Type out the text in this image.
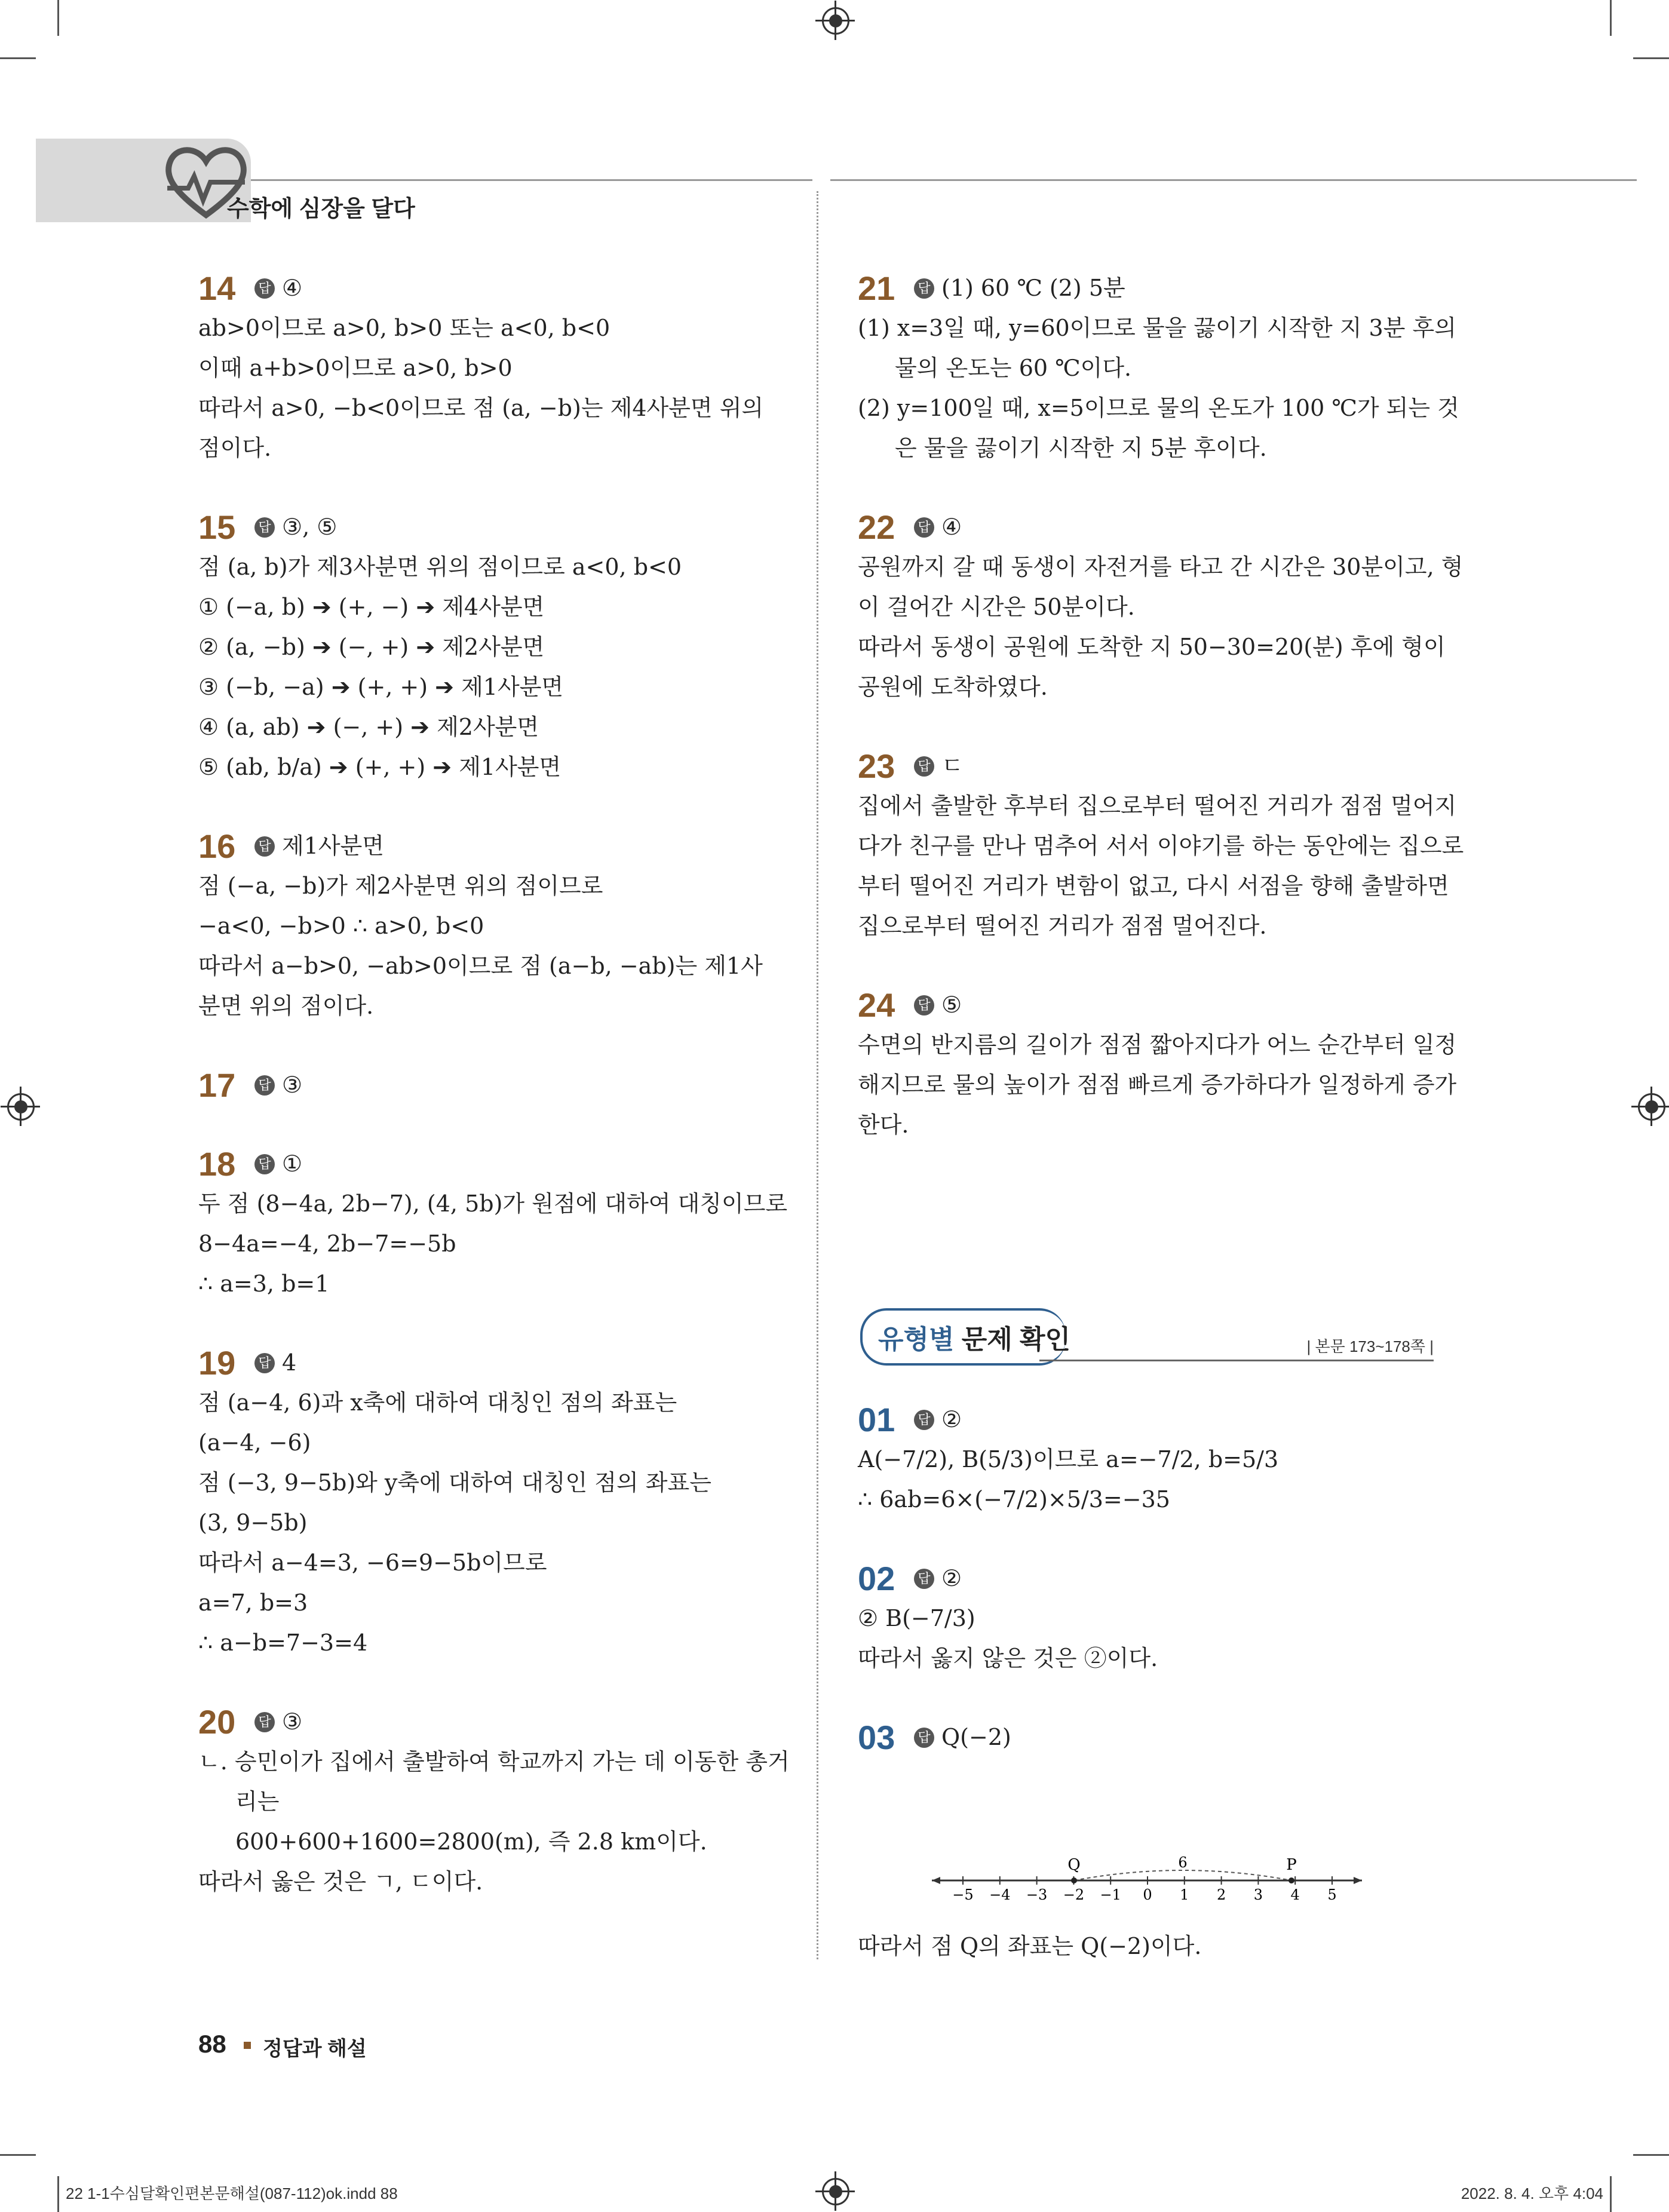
수학에 심장을 달다
14 답 ④
ab>0이므로 a>0, b>0 또는 a<0, b<0
이때 a+b>0이므로 a>0, b>0
따라서 a>0, −b<0이므로 점 (a, −b)는 제4사분면 위의
점이다.
15 답 ③, ⑤
점 (a, b)가 제3사분면 위의 점이므로 a<0, b<0
① (−a, b) ➔ (+, −) ➔ 제4사분면
② (a, −b) ➔ (−, +) ➔ 제2사분면
③ (−b, −a) ➔ (+, +) ➔ 제1사분면
④ (a, ab) ➔ (−, +) ➔ 제2사분면
⑤ (ab, b/a) ➔ (+, +) ➔ 제1사분면
16 답 제1사분면
점 (−a, −b)가 제2사분면 위의 점이므로
−a<0, −b>0 ∴ a>0, b<0
따라서 a−b>0, −ab>0이므로 점 (a−b, −ab)는 제1사
분면 위의 점이다.
17 답 ③
18 답 ①
두 점 (8−4a, 2b−7), (4, 5b)가 원점에 대하여 대칭이므로
8−4a=−4, 2b−7=−5b
∴ a=3, b=1
19 답 4
점 (a−4, 6)과 x축에 대하여 대칭인 점의 좌표는
(a−4, −6)
점 (−3, 9−5b)와 y축에 대하여 대칭인 점의 좌표는
(3, 9−5b)
따라서 a−4=3, −6=9−5b이므로
a=7, b=3
∴ a−b=7−3=4
20 답 ③
ㄴ. 승민이가 집에서 출발하여 학교까지 가는 데 이동한 총거
리는
600+600+1600=2800(m), 즉 2.8 km이다.
따라서 옳은 것은 ㄱ, ㄷ이다.
21 답 (1) 60 ℃ (2) 5분
(1) x=3일 때, y=60이므로 물을 끓이기 시작한 지 3분 후의
물의 온도는 60 ℃이다.
(2) y=100일 때, x=5이므로 물의 온도가 100 ℃가 되는 것
은 물을 끓이기 시작한 지 5분 후이다.
22 답 ④
공원까지 갈 때 동생이 자전거를 타고 간 시간은 30분이고, 형
이 걸어간 시간은 50분이다.
따라서 동생이 공원에 도착한 지 50−30=20(분) 후에 형이
공원에 도착하였다.
23 답 ㄷ
집에서 출발한 후부터 집으로부터 떨어진 거리가 점점 멀어지
다가 친구를 만나 멈추어 서서 이야기를 하는 동안에는 집으로
부터 떨어진 거리가 변함이 없고, 다시 서점을 향해 출발하면
집으로부터 떨어진 거리가 점점 멀어진다.
24 답 ⑤
수면의 반지름의 길이가 점점 짧아지다가 어느 순간부터 일정
해지므로 물의 높이가 점점 빠르게 증가하다가 일정하게 증가
한다.
유형별 문제 확인	| 본문 173~178쪽 |
01 답 ②
A(−7/2), B(5/3)이므로 a=−7/2, b=5/3
∴ 6ab=6×(−7/2)×5/3=−35
02 답 ②
② B(−7/3)
따라서 옳지 않은 것은 ②이다.
03 답 Q(−2)
−5 −4 −3 −2 −1 0 1 2 3 4 5
Q	P
6
따라서 점 Q의 좌표는 Q(−2)이다.
88 정답과 해설
22 1-1수심달확인편본문해설(087-112)ok.indd 88	2022. 8. 4. 오후 4:04
